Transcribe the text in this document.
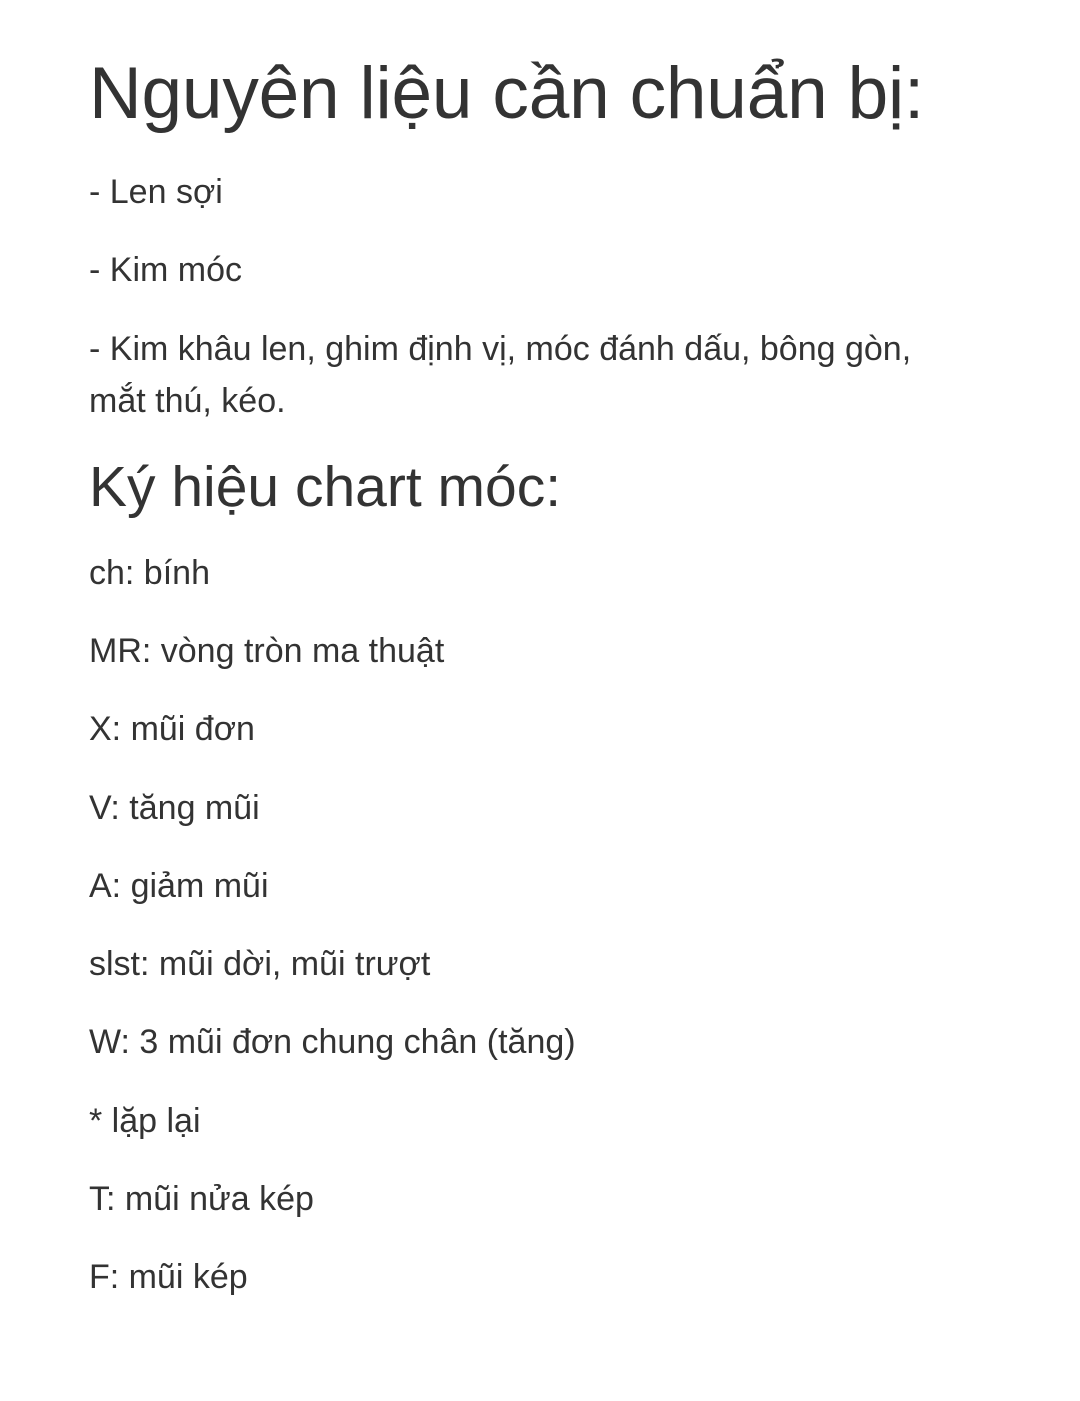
Nguyên liệu cần chuẩn bị:
- Len sợi
- Kim móc
- Kim khâu len, ghim định vị, móc đánh dấu, bông gòn,
mắt thú, kéo.
Ký hiệu chart móc:
ch: bính
MR: vòng tròn ma thuật
X: mũi đơn
V: tăng mũi
A: giảm mũi
slst: mũi dời, mũi trượt
W: 3 mũi đơn chung chân (tăng)
* lặp lại
T: mũi nửa kép
F: mũi kép
